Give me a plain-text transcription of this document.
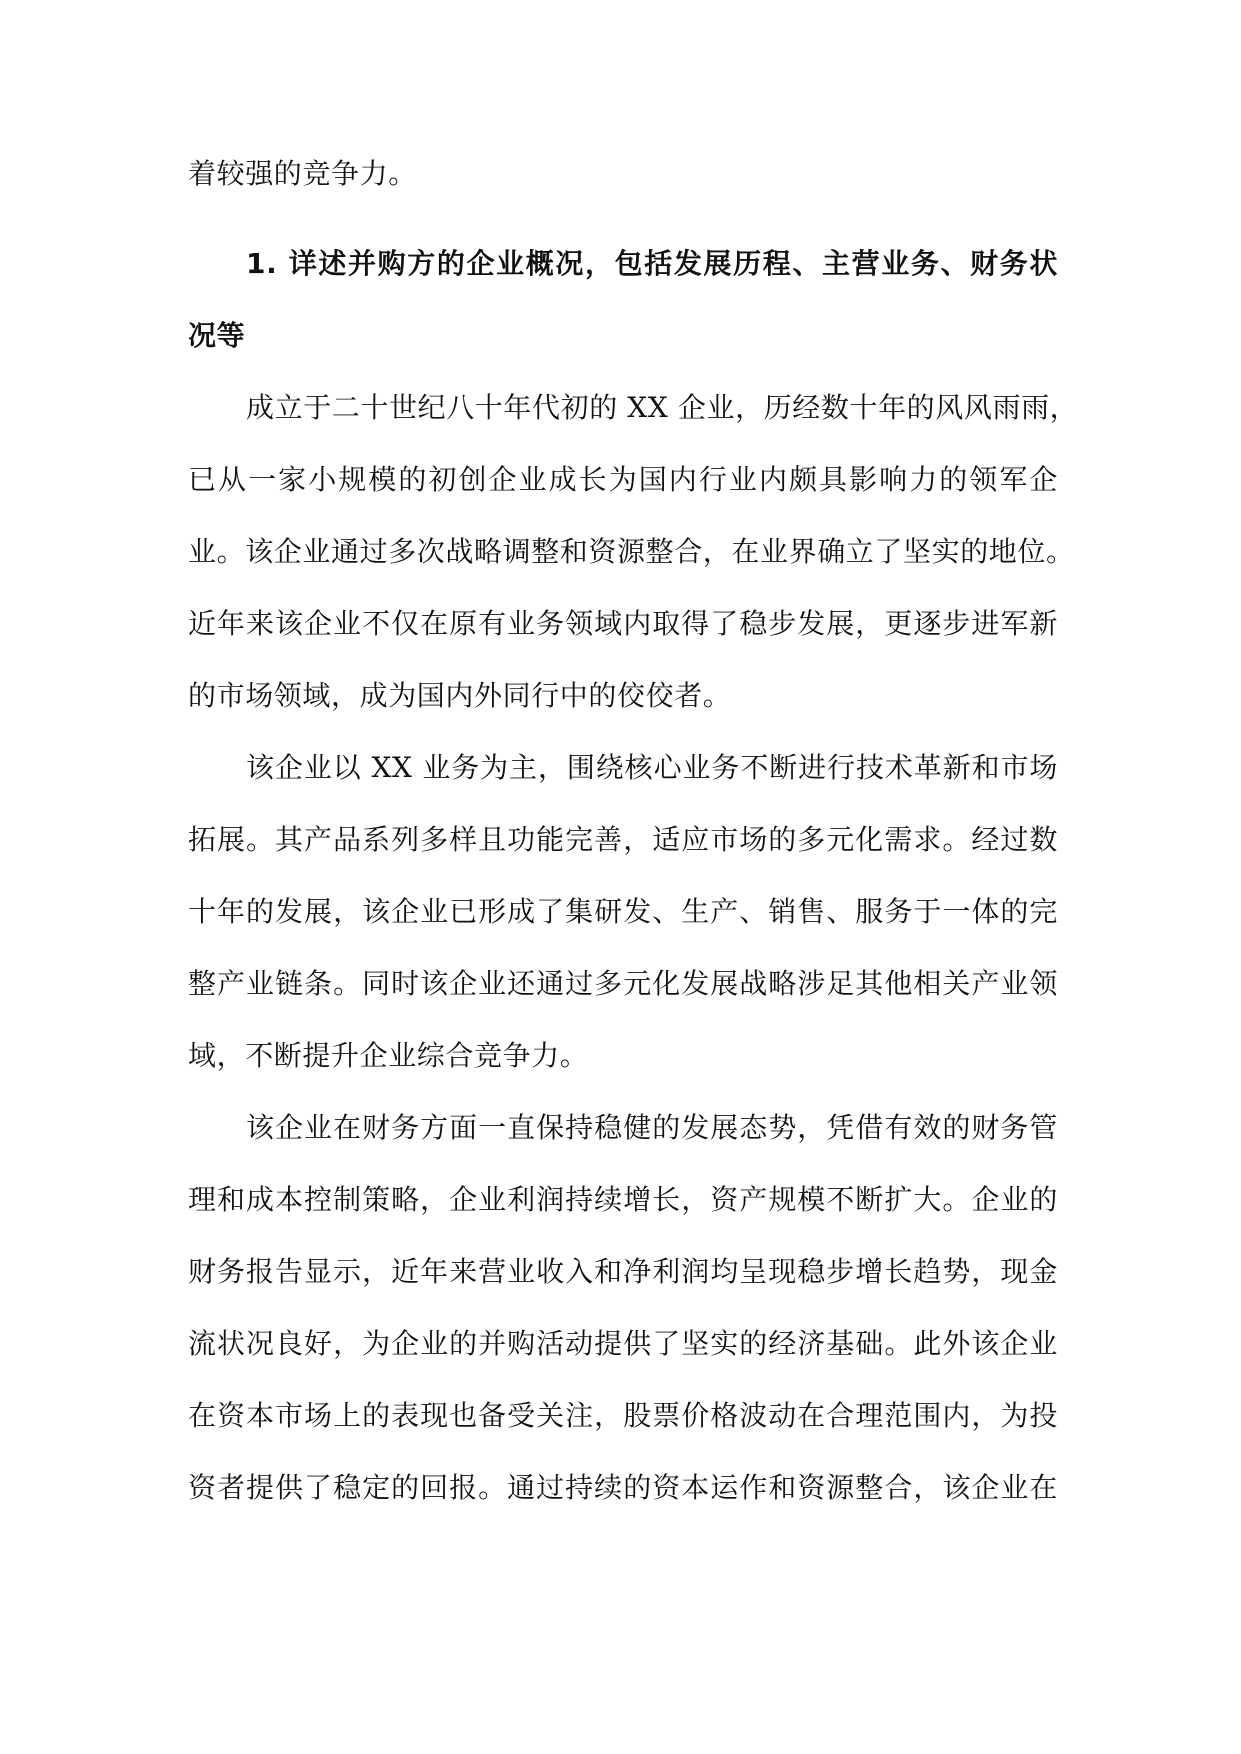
着较强的竞争力。
1. 详述并购方的企业概况，包括发展历程、主营业务、财务状
况等
成立于二十世纪八十年代初的 XX 企业，历经数十年的风风雨雨，
已从一家小规模的初创企业成长为国内行业内颇具影响力的领军企
业。该企业通过多次战略调整和资源整合，在业界确立了坚实的地位。
近年来该企业不仅在原有业务领域内取得了稳步发展，更逐步进军新
的市场领域，成为国内外同行中的佼佼者。
该企业以 XX 业务为主，围绕核心业务不断进行技术革新和市场
拓展。其产品系列多样且功能完善，适应市场的多元化需求。经过数
十年的发展，该企业已形成了集研发、生产、销售、服务于一体的完
整产业链条。同时该企业还通过多元化发展战略涉足其他相关产业领
域，不断提升企业综合竞争力。
该企业在财务方面一直保持稳健的发展态势，凭借有效的财务管
理和成本控制策略，企业利润持续增长，资产规模不断扩大。企业的
财务报告显示，近年来营业收入和净利润均呈现稳步增长趋势，现金
流状况良好，为企业的并购活动提供了坚实的经济基础。此外该企业
在资本市场上的表现也备受关注，股票价格波动在合理范围内，为投
资者提供了稳定的回报。通过持续的资本运作和资源整合，该企业在
